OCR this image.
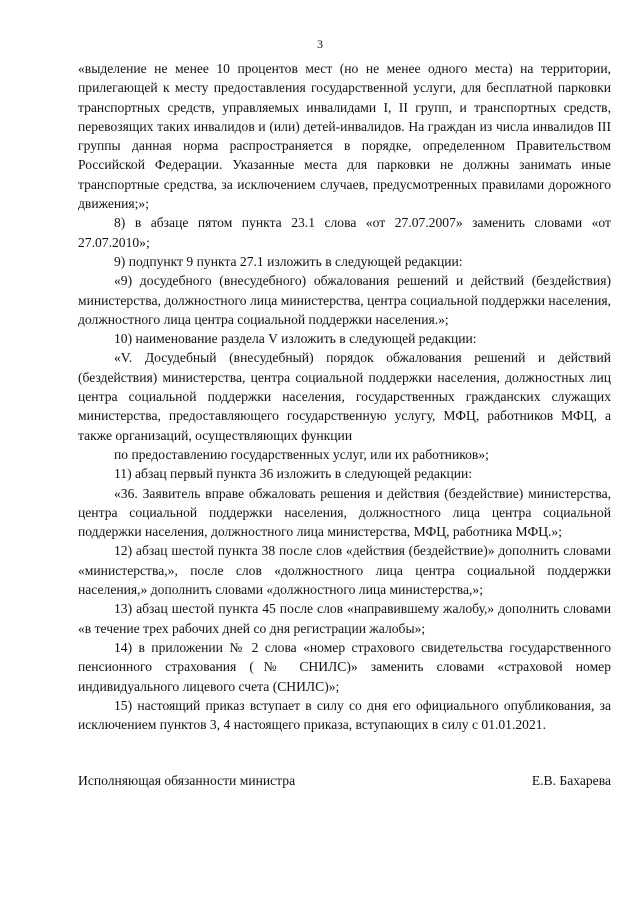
3

«выделение не менее 10 процентов мест (но не менее одного места) на территории, прилегающей к месту предоставления государственной услуги, для бесплатной парковки транспортных средств, управляемых инвалидами I, II групп, и транспортных средств, перевозящих таких инвалидов и (или) детей-инвалидов. На граждан из числа инвалидов III группы данная норма распространяется в порядке, определенном Правительством Российской Федерации. Указанные места для парковки не должны занимать иные транспортные средства, за исключением случаев, предусмотренных правилами дорожного движения;»;

8) в абзаце пятом пункта 23.1 слова «от 27.07.2007» заменить словами «от 27.07.2010»;

9) подпункт 9 пункта 27.1 изложить в следующей редакции:

«9) досудебного (внесудебного) обжалования решений и действий (бездействия) министерства, должностного лица министерства, центра социальной поддержки населения, должностного лица центра социальной поддержки населения.»;

10) наименование раздела V изложить в следующей редакции:

«V. Досудебный (внесудебный) порядок обжалования решений и действий (бездействия) министерства, центра социальной поддержки населения, должностных лиц центра социальной поддержки населения, государственных гражданских служащих министерства, предоставляющего государственную услугу, МФЦ, работников МФЦ, а также организаций, осуществляющих функции

по предоставлению государственных услуг, или их работников»;

11) абзац первый пункта 36 изложить в следующей редакции:

«36. Заявитель вправе обжаловать решения и действия (бездействие) министерства, центра социальной поддержки населения, должностного лица центра социальной поддержки населения, должностного лица министерства, МФЦ, работника МФЦ.»;

12) абзац шестой пункта 38 после слов «действия (бездействие)» дополнить словами «министерства,», после слов «должностного лица центра социальной поддержки населения,» дополнить словами «должностного лица министерства,»;

13) абзац шестой пункта 45 после слов «направившему жалобу,» дополнить словами «в течение трех рабочих дней со дня регистрации жалобы»;

14) в приложении № 2 слова «номер страхового свидетельства государственного пенсионного страхования (№ СНИЛС)» заменить словами «страховой номер индивидуального лицевого счета (СНИЛС)»;

15) настоящий приказ вступает в силу со дня его официального опубликования, за исключением пунктов 3, 4 настоящего приказа, вступающих в силу с 01.01.2021.

Исполняющая обязанности министра	Е.В. Бахарева
